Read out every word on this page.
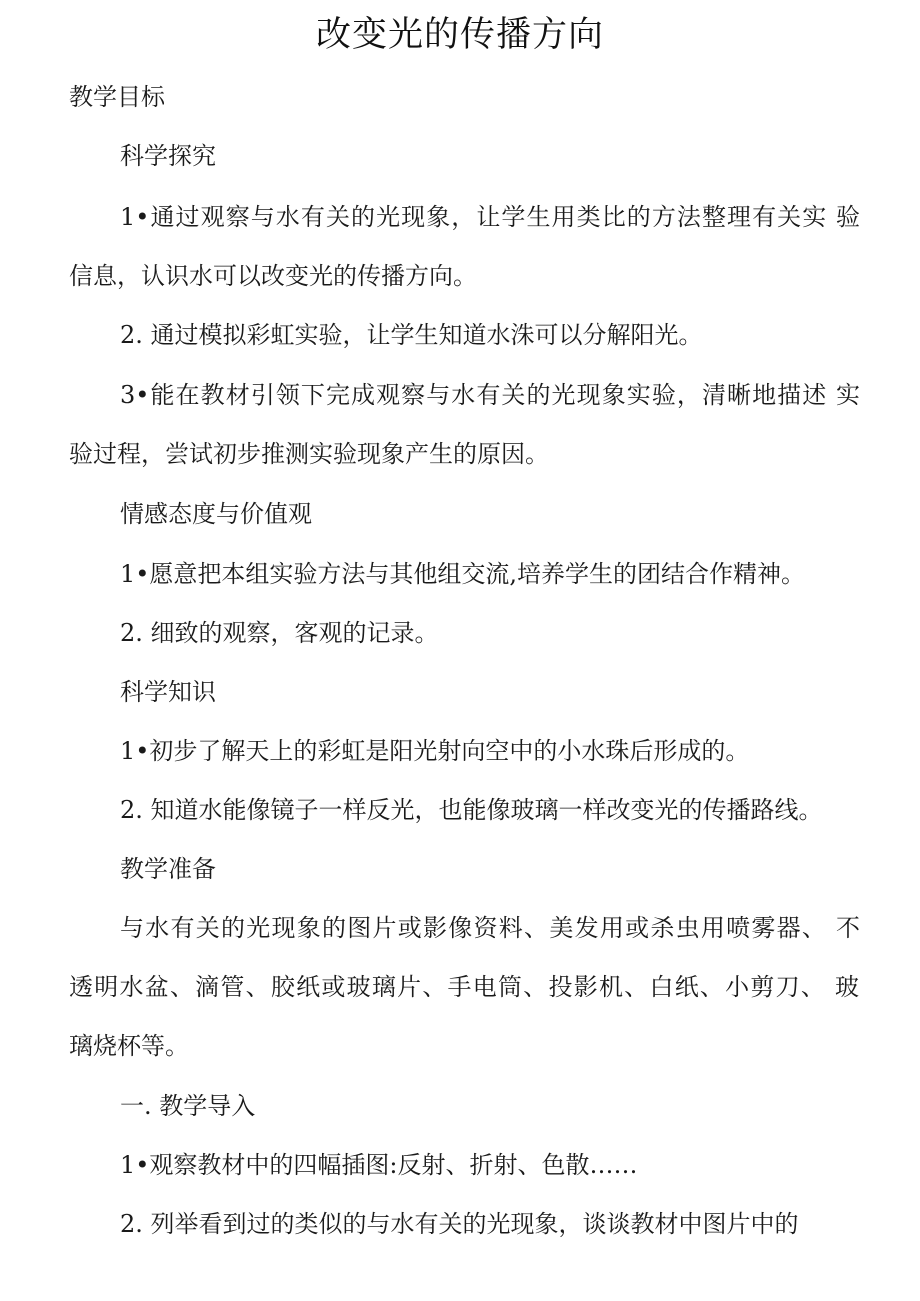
改变光的传播方向

教学目标

科学探究

1•通过观察与水有关的光现象，让学生用类比的方法整理有关实 验

信息，认识水可以改变光的传播方向。

2. 通过模拟彩虹实验，让学生知道水洙可以分解阳光。

3•能在教材引领下完成观察与水有关的光现象实验，清晰地描述 实

验过程，尝试初步推测实验现象产生的原因。

情感态度与价值观

1•愿意把本组实验方法与其他组交流,培养学生的团结合作精神。

2. 细致的观察，客观的记录。

科学知识

1•初步了解天上的彩虹是阳光射向空中的小水珠后形成的。

2. 知道水能像镜子一样反光，也能像玻璃一样改变光的传播路线。

教学准备

与水有关的光现象的图片或影像资料、美发用或杀虫用喷雾器、 不

透明水盆、滴管、胶纸或玻璃片、手电筒、投影机、白纸、小剪刀、 玻

璃烧杯等。

一. 教学导入

1•观察教材中的四幅插图:反射、折射、色散……

2. 列举看到过的类似的与水有关的光现象，谈谈教材中图片中的
